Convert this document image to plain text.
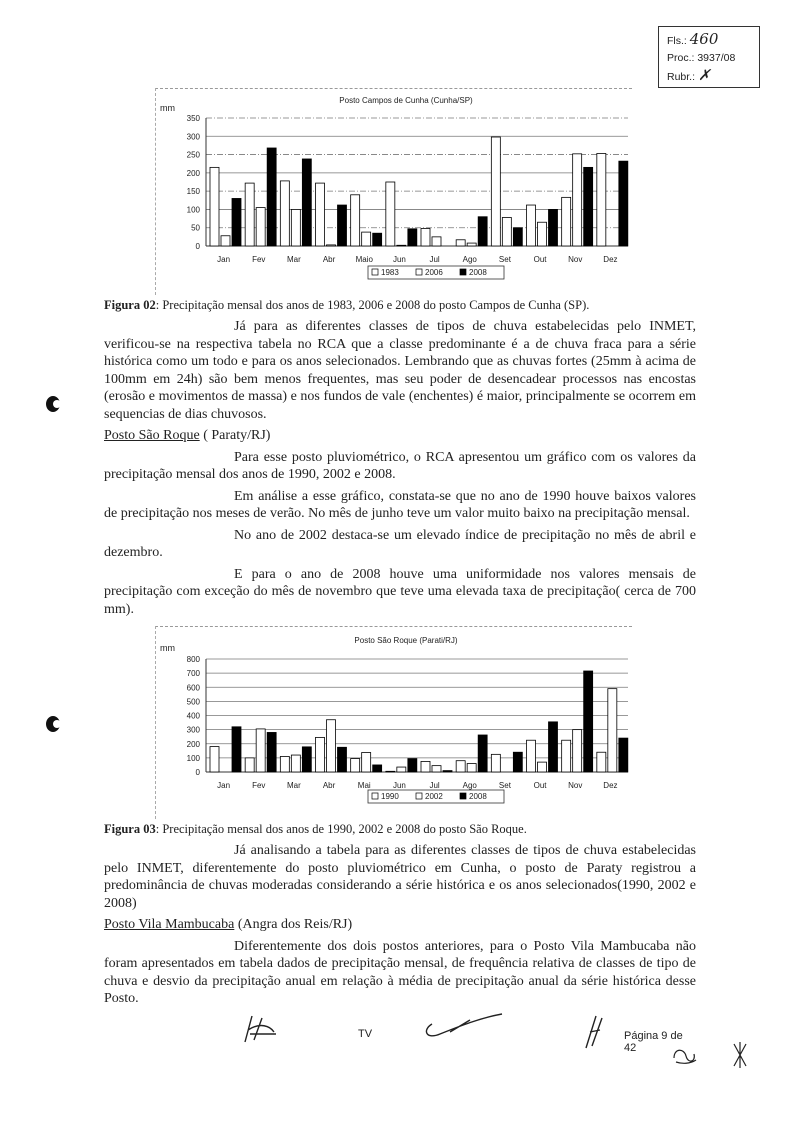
Fls.: 460
Proc.: 3937/08
Rubr.: ✗
Posto Campos de Cunha (Cunha/SP)
mm
0
50
100
150
200
250
300
350
Jan	Fev	Mar	Abr	Maio	Jun	Jul	Ago	Set	Out	Nov	Dez
1983	2006	2008
Figura 02: Precipitação mensal dos anos de 1983, 2006 e 2008 do posto Campos de Cunha (SP).
Já para as diferentes classes de tipos de chuva estabelecidas pelo INMET, verificou-se na respectiva tabela no RCA que a classe predominante é a de chuva fraca para a série histórica como um todo e para os anos selecionados. Lembrando que as chuvas fortes (25mm à acima de 100mm em 24h) são bem menos frequentes, mas seu poder de desencadear processos nas encostas (erosão e movimentos de massa) e nos fundos de vale (enchentes) é maior, principalmente se ocorrem em sequencias de dias chuvosos.
Posto São Roque ( Paraty/RJ)
Para esse posto pluviométrico, o RCA apresentou um gráfico com os valores da precipitação mensal dos anos de 1990, 2002 e 2008.
Em análise a esse gráfico, constata-se que no ano de 1990 houve baixos valores de precipitação nos meses de verão. No mês de junho teve um valor muito baixo na precipitação mensal.
No ano de 2002 destaca-se um elevado índice de precipitação no mês de abril e dezembro.
E para o ano de 2008 houve uma uniformidade nos valores mensais de precipitação com exceção do mês de novembro que teve uma elevada taxa de precipitação( cerca de 700 mm).
Posto São Roque (Parati/RJ)
mm
0
100
200
300
400
500
600
700
800
Jan	Fev	Mar	Abr	Mai	Jun	Jul	Ago	Set	Out	Nov	Dez
1990	2002	2008
Figura 03: Precipitação mensal dos anos de 1990, 2002 e 2008 do posto São Roque.
Já analisando a tabela para as diferentes classes de tipos de chuva estabelecidas pelo INMET, diferentemente do posto pluviométrico em Cunha, o posto de Paraty registrou a predominância de chuvas moderadas considerando a série histórica e os anos selecionados(1990, 2002 e 2008)
Posto Vila Mambucaba (Angra dos Reis/RJ)
Diferentemente dos dois postos anteriores, para o Posto Vila Mambucaba não foram apresentados em tabela dados de precipitação mensal, de frequência relativa de classes de tipo de chuva e desvio da precipitação anual em relação à média de precipitação anual da série histórica desse Posto.
TV	Página 9 de 42
